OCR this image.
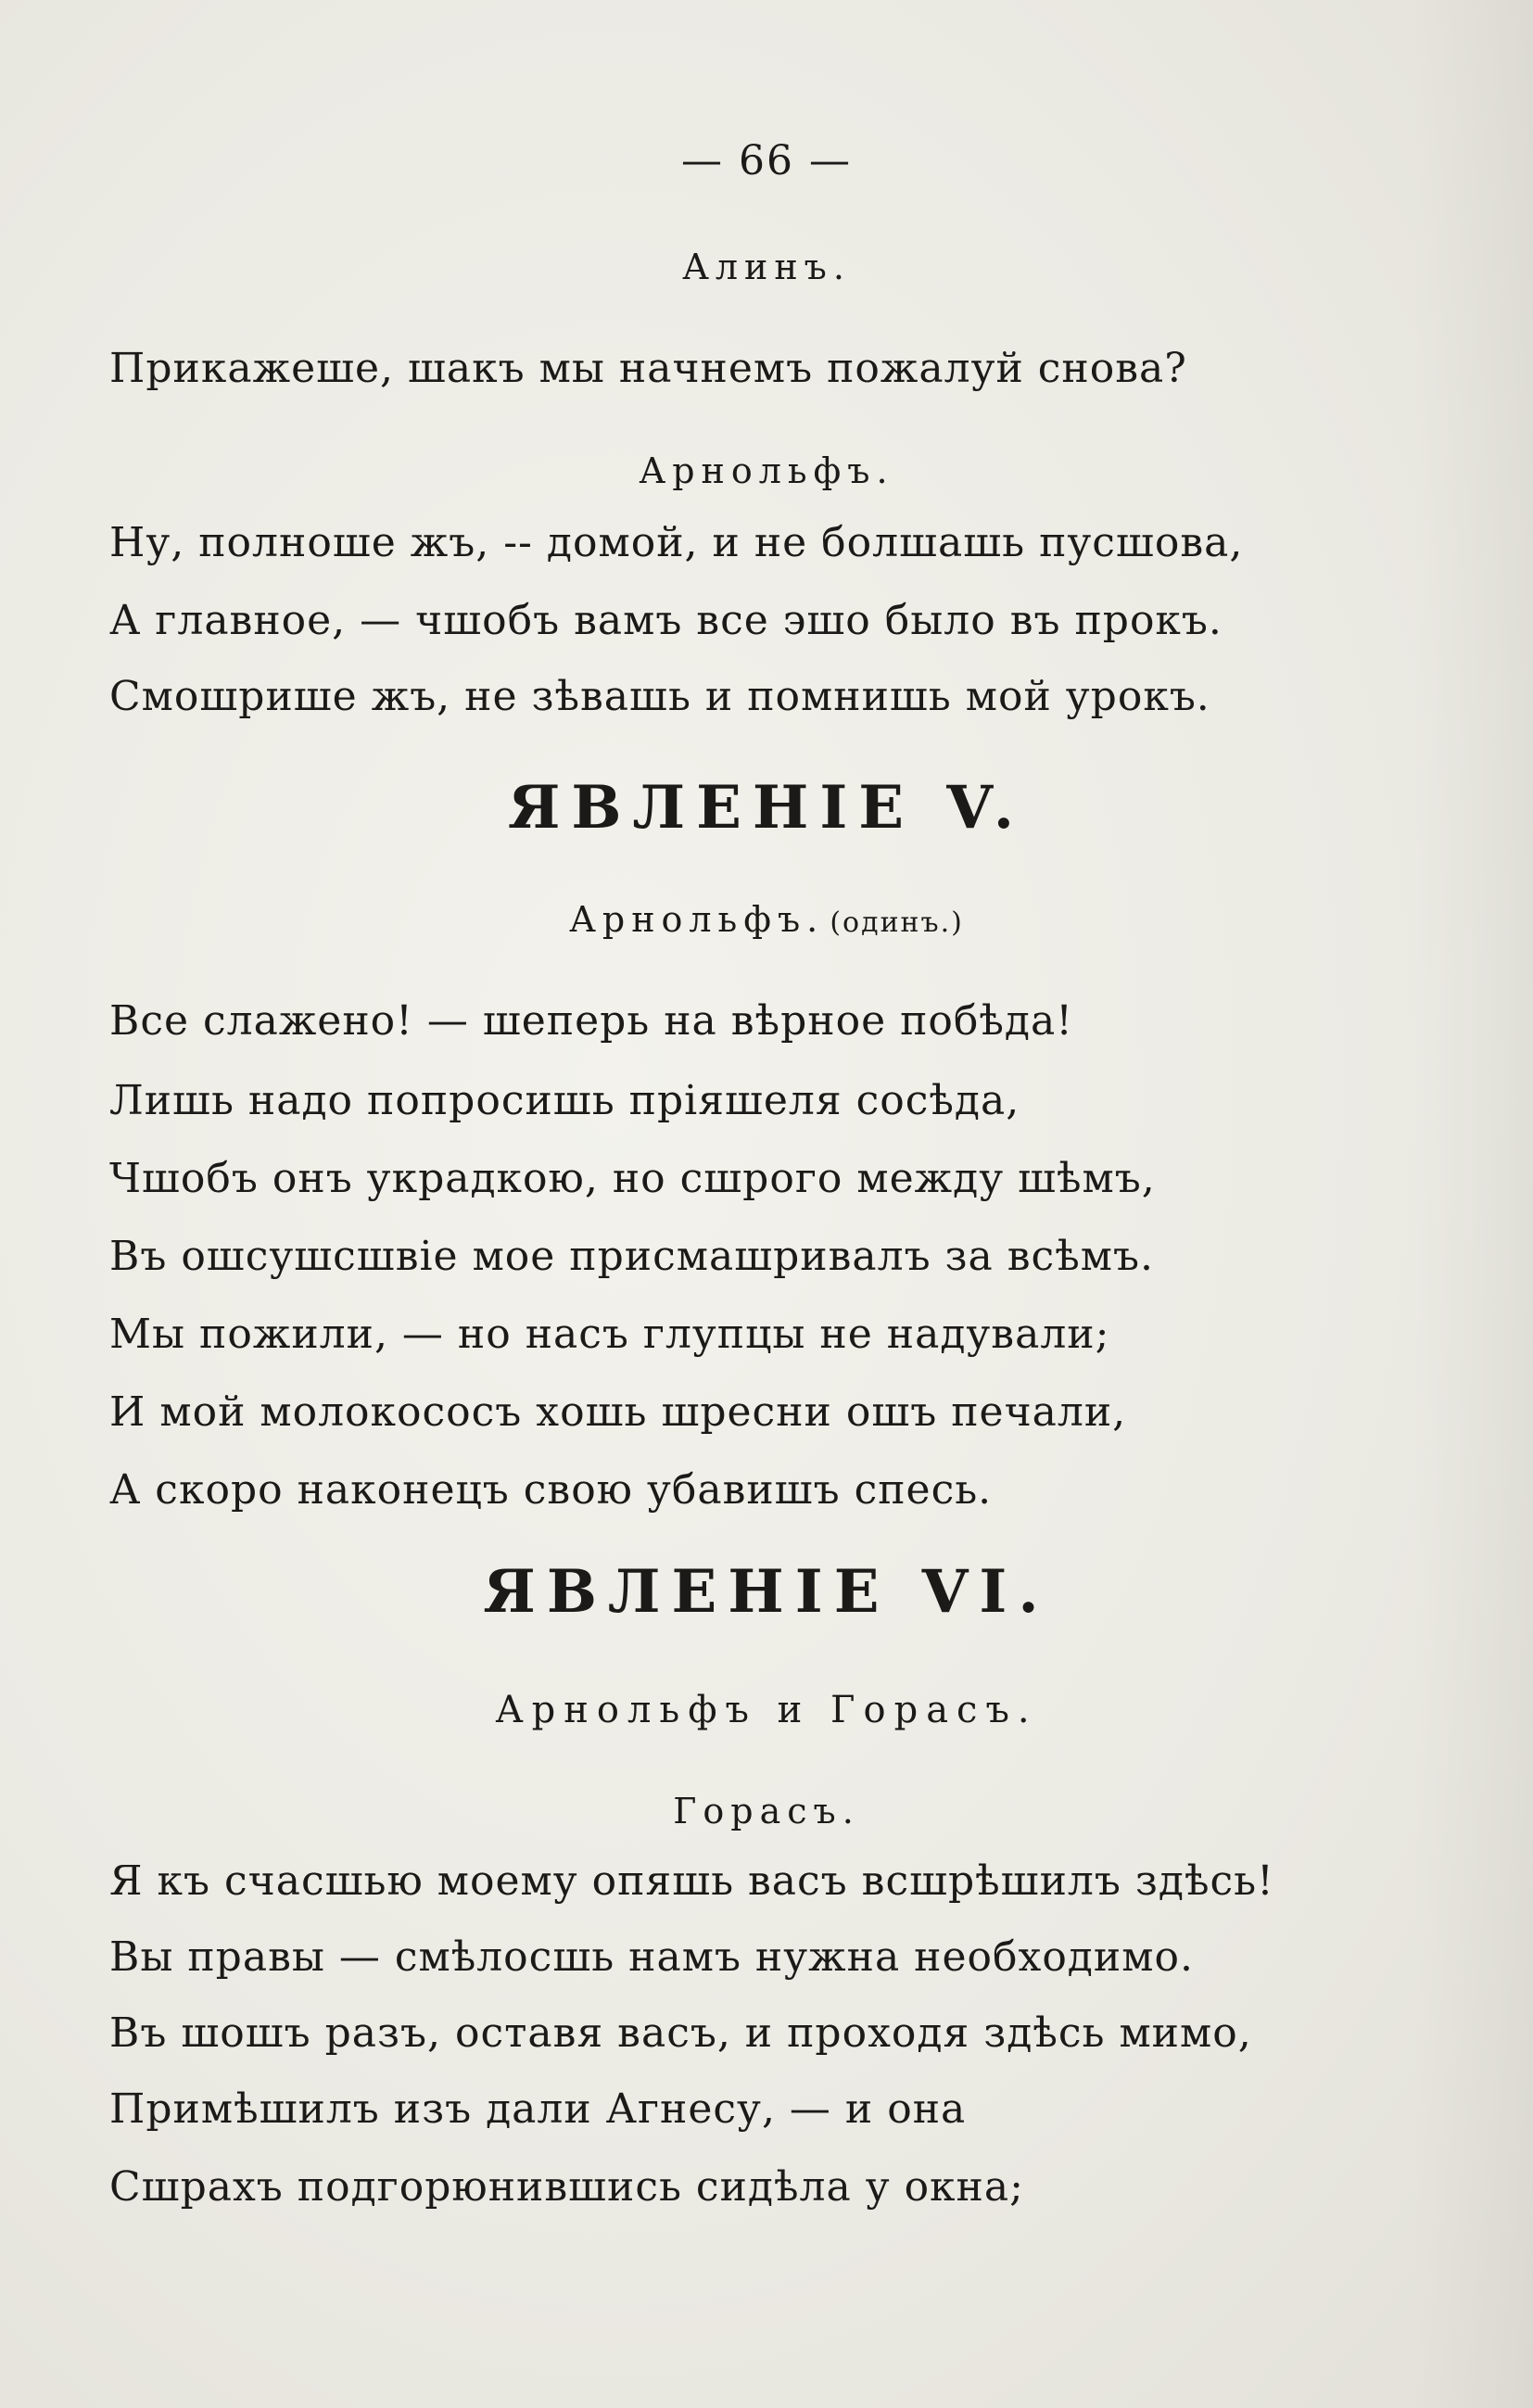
— 66 —
Алинъ.
Прикажеше, шакъ мы начнемъ пожалуй снова?
Арнольфъ.
Ну, полноше жъ, -- домой, и не болшашь пусшова,
А главное, — чшобъ вамъ все эшо было въ прокъ.
Смошрише жъ, не зѣвашь и помнишь мой урокъ.
ЯВЛЕНІЕ V.
Арнольфъ. (одинъ.)
Все слажено! — шеперь на вѣрное побѣда!
Лишь надо попросишь пріяшеля сосѣда,
Чшобъ онъ украдкою, но сшрого между шѣмъ,
Въ ошсушсшвіе мое присмашривалъ за всѣмъ.
Мы пожили, — но насъ глупцы не надували;
И мой молокососъ хошь шресни ошъ печали,
А скоро наконецъ свою убавишъ спесь.
ЯВЛЕНІЕ VI.
Арнольфъ и Горасъ.
Горасъ.
Я къ счасшью моему опяшь васъ всшрѣшилъ здѣсь!
Вы правы — смѣлосшь намъ нужна необходимо.
Въ шошъ разъ, оставя васъ, и проходя здѣсь мимо,
Примѣшилъ изъ дали Агнесу, — и она
Сшрахъ подгорюнившись сидѣла у окна;
